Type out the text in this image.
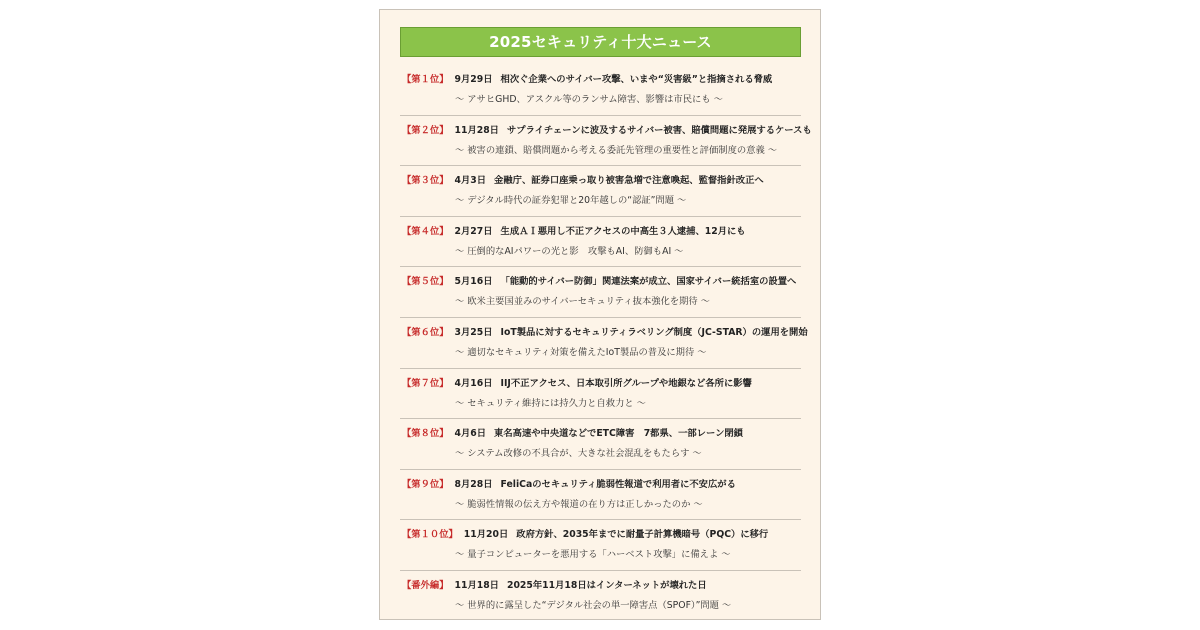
2025セキュリティ十大ニュース
【第１位】 9月29日 相次ぐ企業へのサイバー攻撃、いまや“災害級”と指摘される脅威
～ アサヒGHD、アスクル等のランサム障害、影響は市民にも ～
【第２位】 11月28日 サプライチェーンに波及するサイバー被害、賠償問題に発展するケースも
～ 被害の連鎖、賠償問題から考える委託先管理の重要性と評価制度の意義 ～
【第３位】 4月3日 金融庁、証券口座乗っ取り被害急増で注意喚起、監督指針改正へ
～ デジタル時代の証券犯罪と20年越しの“認証”問題 ～
【第４位】 2月27日 生成ＡＩ悪用し不正アクセスの中高生３人逮捕、12月にも
～ 圧倒的なAIパワーの光と影　攻撃もAI、防御もAI ～
【第５位】 5月16日 「能動的サイバー防御」関連法案が成立、国家サイバー統括室の設置へ
～ 欧米主要国並みのサイバーセキュリティ抜本強化を期待 ～
【第６位】 3月25日 IoT製品に対するセキュリティラベリング制度（JC-STAR）の運用を開始
～ 適切なセキュリティ対策を備えたIoT製品の普及に期待 ～
【第７位】 4月16日 IIJ不正アクセス、日本取引所グループや地銀など各所に影響
～ セキュリティ維持には持久力と自救力と ～
【第８位】 4月6日 東名高速や中央道などでETC障害　7都県、一部レーン閉鎖
～ システム改修の不具合が、大きな社会混乱をもたらす ～
【第９位】 8月28日 FeliCaのセキュリティ脆弱性報道で利用者に不安広がる
～ 脆弱性情報の伝え方や報道の在り方は正しかったのか ～
【第１０位】 11月20日 政府方針、2035年までに耐量子計算機暗号（PQC）に移行
～ 量子コンピューターを悪用する「ハーベスト攻撃」に備えよ ～
【番外編】 11月18日 2025年11月18日はインターネットが壊れた日
～ 世界的に露呈した“デジタル社会の単一障害点（SPOF）”問題 ～
